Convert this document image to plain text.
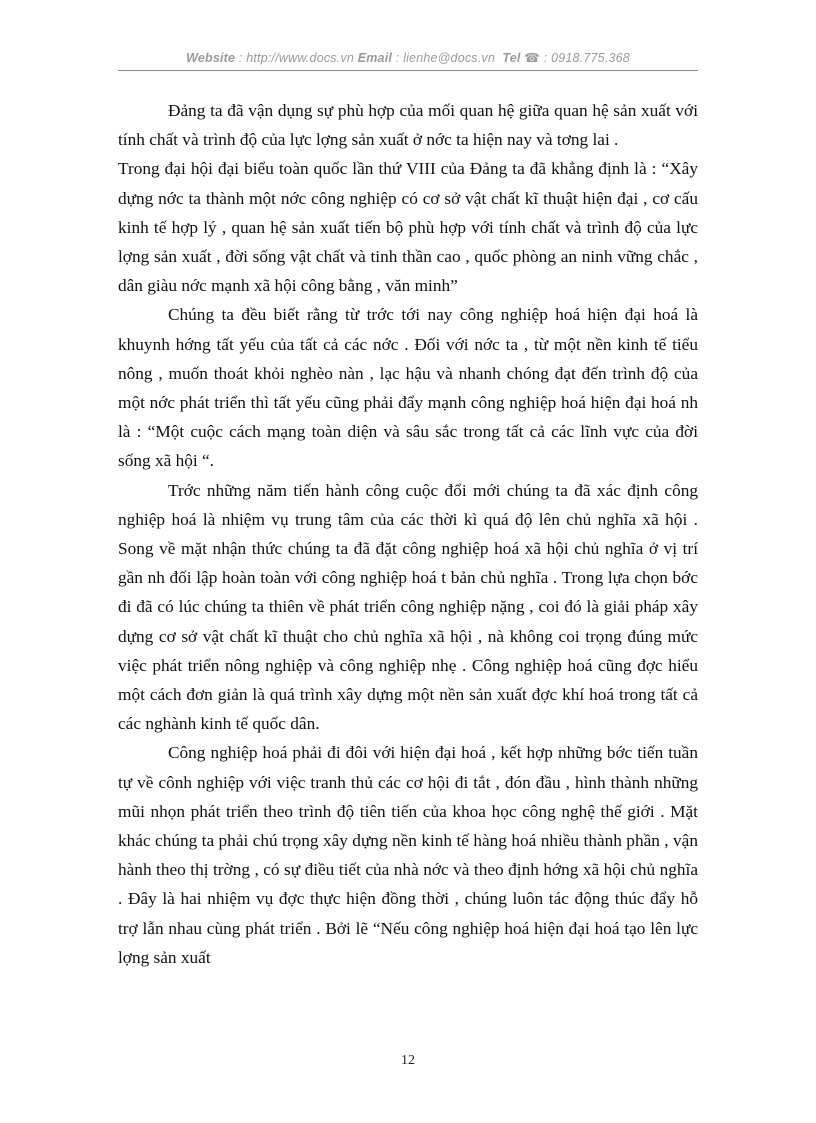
Website : http://www.docs.vn Email : lienhe@docs.vn Tel ☎ : 0918.775.368

Đảng ta đã vận dụng sự phù hợp của mối quan hệ giữa quan hệ sản xuất với tính chất và trình độ của lực lợng sản xuất ở nớc ta hiện nay và tơng lai .

Trong đại hội đại biểu toàn quốc lần thứ VIII của Đảng ta đã khẳng định là : “Xây dựng nớc ta thành một nớc công nghiệp có cơ sở vật chất kĩ thuật hiện đại , cơ cấu kinh tế hợp lý , quan hệ sản xuất tiến bộ phù hợp với tính chất và trình độ của lực lợng sản xuất , đời sống vật chất và tinh thần cao , quốc phòng an ninh vững chắc , dân giàu nớc mạnh xã hội công bằng , văn minh”

Chúng ta đều biết rằng từ trớc tới nay công nghiệp hoá hiện đại hoá là khuynh hớng tất yếu của tất cả các nớc . Đối với nớc ta , từ một nền kinh tế tiểu nông , muốn thoát khỏi nghèo nàn , lạc hậu và nhanh chóng đạt đến trình độ của một nớc phát triển thì tất yếu cũng phải đẩy mạnh công nghiệp hoá hiện đại hoá nh là : “Một cuộc cách mạng toàn diện và sâu sắc trong tất cả các lĩnh vực của đời sống xã hội “.

Trớc những năm tiến hành công cuộc đổi mới chúng ta đã xác định công nghiệp hoá là nhiệm vụ trung tâm của các thời kì quá độ lên chủ nghĩa xã hội . Song về mặt nhận thức chúng ta đã đặt công nghiệp hoá xã hội chủ nghĩa ở vị trí gần nh đối lập hoàn toàn với công nghiệp hoá t bản chủ nghĩa . Trong lựa chọn bớc đi đã có lúc chúng ta thiên về phát triển công nghiệp nặng , coi đó là giải pháp xây dựng cơ sở vật chất kĩ thuật cho chủ nghĩa xã hội , nà không coi trọng đúng mức việc phát triển nông nghiệp và công nghiệp nhẹ . Công nghiệp hoá cũng đợc hiểu một cách đơn giản là quá trình xây dựng một nền sản xuất đợc khí hoá trong tất cả các nghành kinh tế quốc dân.

Công nghiệp hoá phải đi đôi với hiện đại hoá , kết hợp những bớc tiến tuần tự về cônh nghiệp với việc tranh thủ các cơ hội đi tắt , đón đầu , hình thành những mũi nhọn phát triển theo trình độ tiên tiến của khoa học công nghệ thế giới . Mặt khác chúng ta phải chú trọng xây dựng nền kinh tế hàng hoá nhiều thành phần , vận hành theo thị trờng , có sự điều tiết của nhà nớc và theo định hớng xã hội chủ nghĩa . Đây là hai nhiệm vụ đợc thực hiện đồng thời , chúng luôn tác động thúc đẩy hỗ trợ lẫn nhau cùng phát triển . Bởi lẽ “Nếu công nghiệp hoá hiện đại hoá tạo lên lực lợng sản xuất

12
